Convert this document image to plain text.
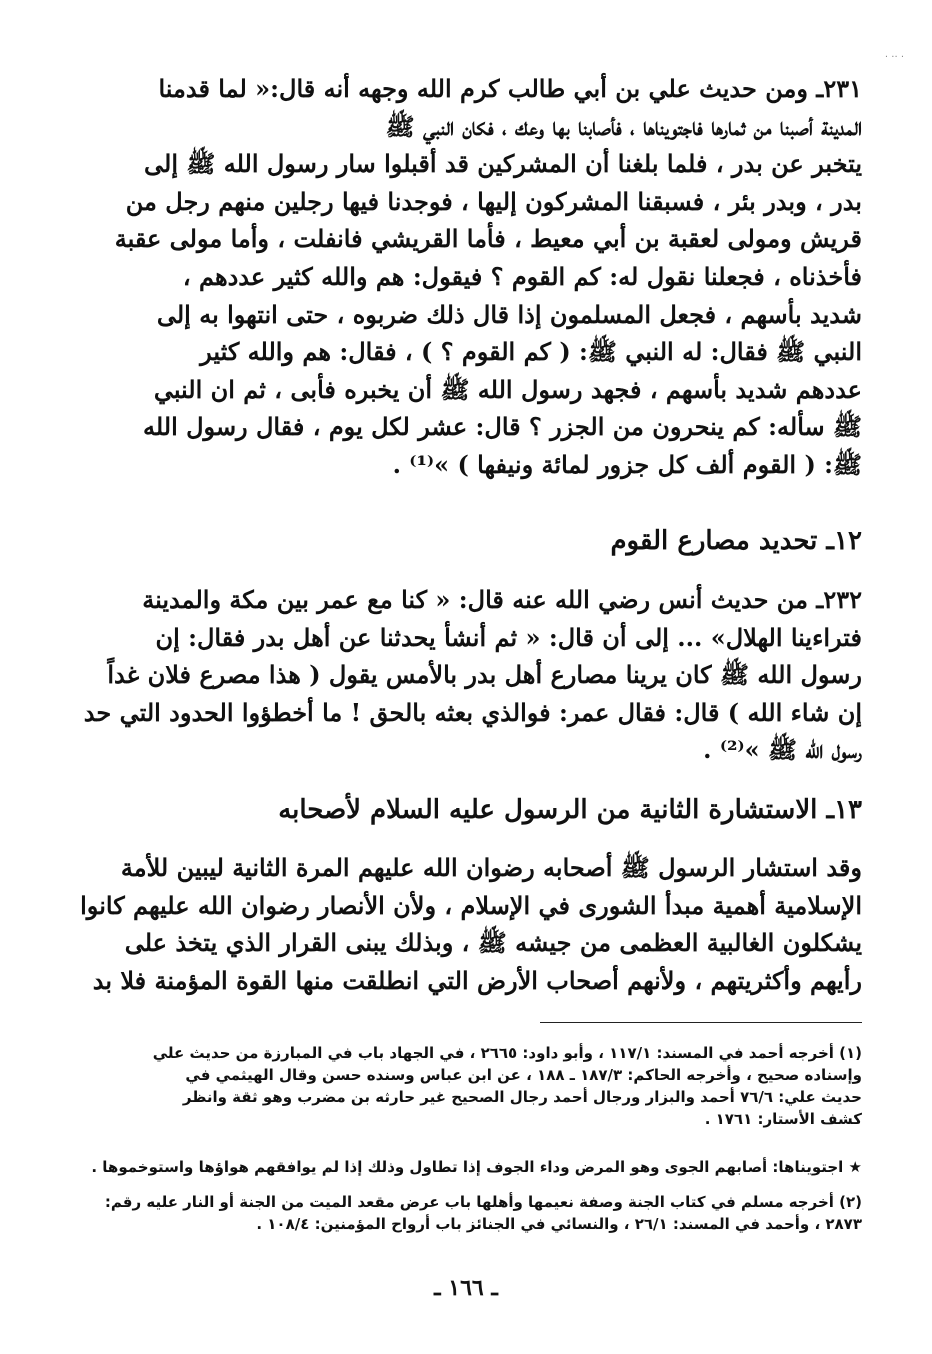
· ·· ·
٢٣١ـ ومن حديث علي بن أبي طالب كرم الله وجهه أنه قال:« لما قدمنا
المدينة أصبنا من ثمارها فاجتويناها ، فأصابنا بها وعك ، فكان النبي ﷺ
يتخبر عن بدر ، فلما بلغنا أن المشركين قد أقبلوا سار رسول الله ﷺ إلى
بدر ، وبدر بئر ، فسبقنا المشركون إليها ، فوجدنا فيها رجلين منهم رجل من
قريش ومولى لعقبة بن أبي معيط ، فأما القريشي فانفلت ، وأما مولى عقبة
فأخذناه ، فجعلنا نقول له: كم القوم ؟ فيقول: هم والله كثير عددهم ،
شديد بأسهم ، فجعل المسلمون إذا قال ذلك ضربوه ، حتى انتهوا به إلى
النبي ﷺ فقال: له النبي ﷺ: ( كم القوم ؟ ) ، فقال: هم والله كثير
عددهم شديد بأسهم ، فجهد رسول الله ﷺ أن يخبره فأبى ، ثم ان النبي
ﷺ سأله: كم ينحرون من الجزر ؟ قال: عشر لكل يوم ، فقال رسول الله
ﷺ: ( القوم ألف كل جزور لمائة ونيفها ) »⁽¹⁾ .
١٢ـ تحديد مصارع القوم
٢٣٢ـ من حديث أنس رضي الله عنه قال: « كنا مع عمر بين مكة والمدينة
فتراءينا الهلال» ... إلى أن قال: « ثم أنشأ يحدثنا عن أهل بدر فقال: إن
رسول الله ﷺ كان يرينا مصارع أهل بدر بالأمس يقول ( هذا مصرع فلان غداً
إن شاء الله ) قال: فقال عمر: فوالذي بعثه بالحق ! ما أخطؤوا الحدود التي حد
رسول الله ﷺ »⁽²⁾ .
١٣ـ الاستشارة الثانية من الرسول عليه السلام لأصحابه
وقد استشار الرسول ﷺ أصحابه رضوان الله عليهم المرة الثانية ليبين للأمة
الإسلامية أهمية مبدأ الشورى في الإسلام ، ولأن الأنصار رضوان الله عليهم كانوا
يشكلون الغالبية العظمى من جيشه ﷺ ، وبذلك يبنى القرار الذي يتخذ على
رأيهم وأكثريتهم ، ولأنهم أصحاب الأرض التي انطلقت منها القوة المؤمنة فلا بد
(١) أخرجه أحمد في المسند: ١١٧/١ ، وأبو داود: ٢٦٦٥ ، في الجهاد باب في المبارزة من حديث علي
وإسناده صحيح ، وأخرجه الحاكم: ١٨٧/٣ ـ ١٨٨ ، عن ابن عباس وسنده حسن وقال الهيثمي في
حديث علي: ٧٦/٦ أحمد والبزار ورجال أحمد رجال الصحيح غير حارثه بن مضرب وهو ثقة وانظر
كشف الأستار: ١٧٦١ .
★ اجتويناها: أصابهم الجوى وهو المرض وداء الجوف إذا تطاول وذلك إذا لم يوافقهم هواؤها واستوخموها .
(٢) أخرجه مسلم في كتاب الجنة وصفة نعيمها وأهلها باب عرض مقعد الميت من الجنة أو النار عليه رقم:
٢٨٧٣ ، وأحمد في المسند: ٢٦/١ ، والنسائي في الجنائز باب أرواح المؤمنين: ١٠٨/٤ .
ـ ١٦٦ ـ
